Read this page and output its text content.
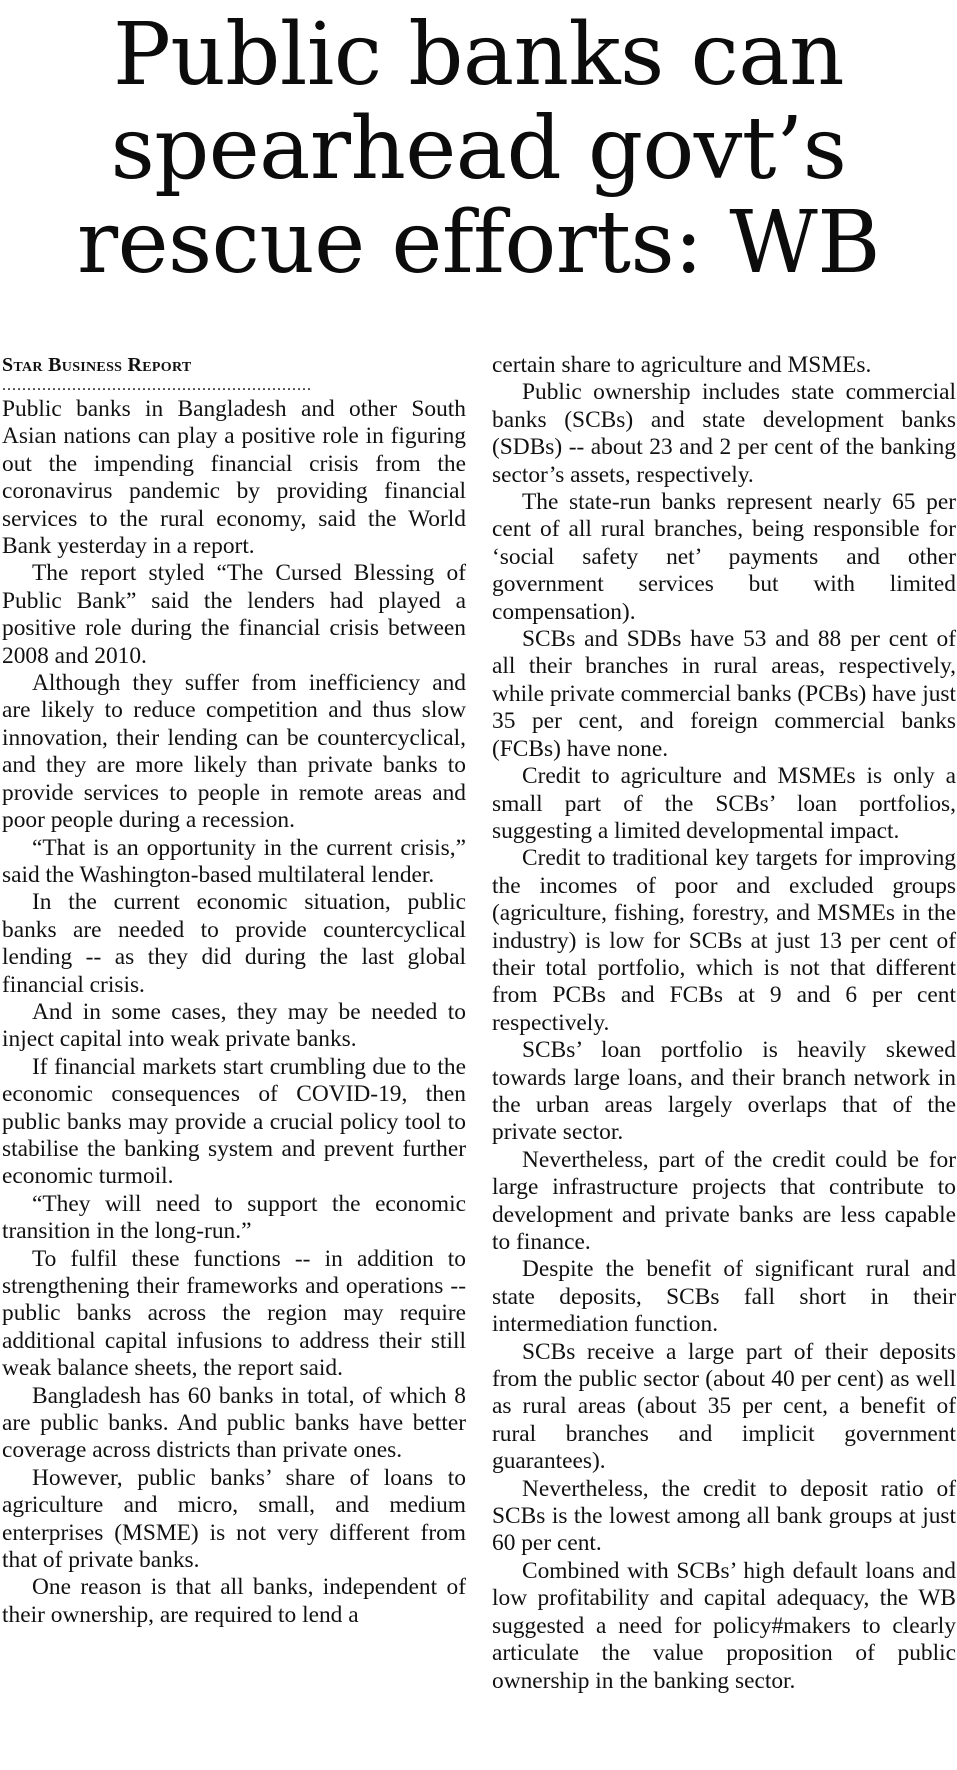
Public banks can
spearhead govt’s
rescue efforts: WB
Star Business Report
..............................................................

Public banks in Bangladesh and other South Asian nations can play a positive role in figuring out the impending financial crisis from the coronavirus pandemic by providing financial services to the rural economy, said the World Bank yesterday in a report.

The report styled “The Cursed Blessing of Public Bank” said the lenders had played a positive role during the financial crisis between 2008 and 2010.

Although they suffer from inefficiency and are likely to reduce competition and thus slow innovation, their lending can be countercyclical, and they are more likely than private banks to provide services to people in remote areas and poor people during a recession.

“That is an opportunity in the current crisis,” said the Washington-based multilateral lender.

In the current economic situation, public banks are needed to provide countercyclical lending -- as they did during the last global financial crisis.

And in some cases, they may be needed to inject capital into weak private banks.

If financial markets start crumbling due to the economic consequences of COVID-19, then public banks may provide a crucial policy tool to stabilise the banking system and prevent further economic turmoil.

“They will need to support the economic transition in the long-run.”

To fulfil these functions -- in addition to strengthening their frameworks and operations -- public banks across the region may require additional capital infusions to address their still weak balance sheets, the report said.

Bangladesh has 60 banks in total, of which 8 are public banks. And public banks have better coverage across districts than private ones.

However, public banks’ share of loans to agriculture and micro, small, and medium enterprises (MSME) is not very different from that of private banks.

One reason is that all banks, independent of their ownership, are required to lend a

certain share to agriculture and MSMEs.

Public ownership includes state commercial banks (SCBs) and state development banks (SDBs) -- about 23 and 2 per cent of the banking sector’s assets, respectively.

The state-run banks represent nearly 65 per cent of all rural branches, being responsible for ‘social safety net’ payments and other government services but with limited compensation).

SCBs and SDBs have 53 and 88 per cent of all their branches in rural areas, respectively, while private commercial banks (PCBs) have just 35 per cent, and foreign commercial banks (FCBs) have none.

Credit to agriculture and MSMEs is only a small part of the SCBs’ loan portfolios, suggesting a limited developmental impact.

Credit to traditional key targets for improving the incomes of poor and excluded groups (agriculture, fishing, forestry, and MSMEs in the industry) is low for SCBs at just 13 per cent of their total portfolio, which is not that different from PCBs and FCBs at 9 and 6 per cent respectively.

SCBs’ loan portfolio is heavily skewed towards large loans, and their branch network in the urban areas largely overlaps that of the private sector.

Nevertheless, part of the credit could be for large infrastructure projects that contribute to development and private banks are less capable to finance.

Despite the benefit of significant rural and state deposits, SCBs fall short in their intermediation function.

SCBs receive a large part of their deposits from the public sector (about 40 per cent) as well as rural areas (about 35 per cent, a benefit of rural branches and implicit government guarantees).

Nevertheless, the credit to deposit ratio of SCBs is the lowest among all bank groups at just 60 per cent.

Combined with SCBs’ high default loans and low profitability and capital adequacy, the WB suggested a need for policy#makers to clearly articulate the value proposition of public ownership in the banking sector.
